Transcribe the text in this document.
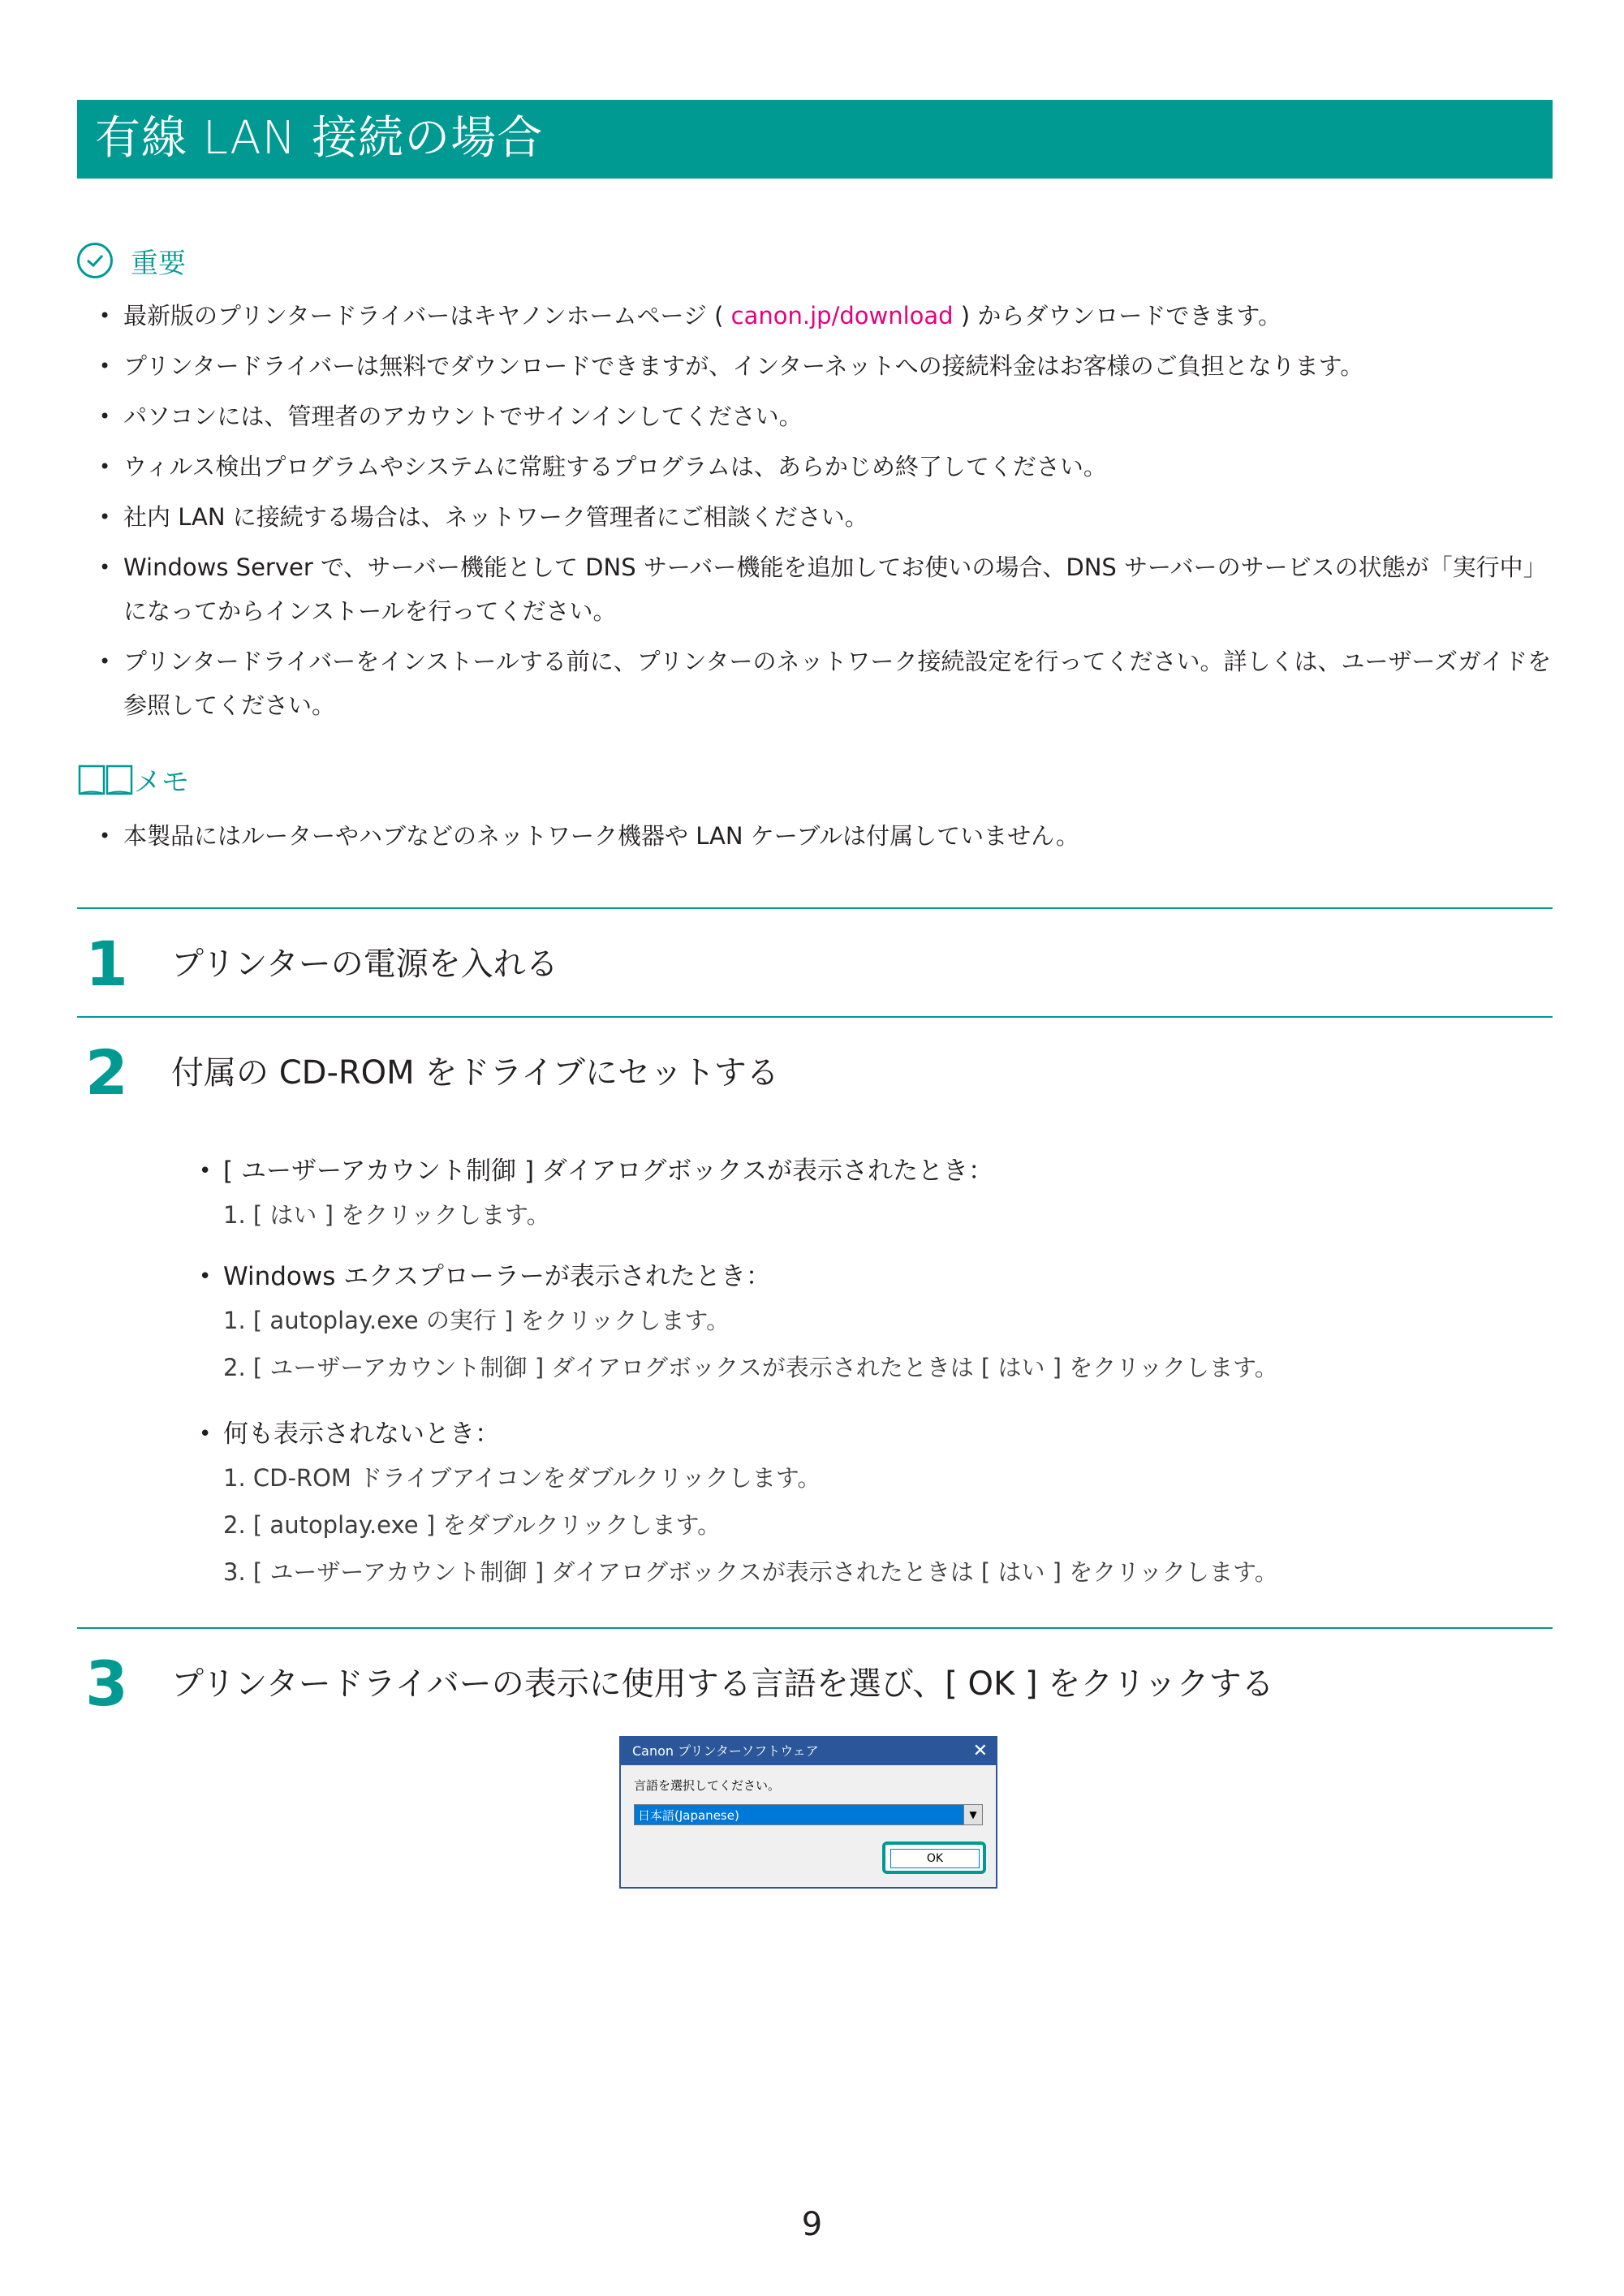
有線 LAN 接続の場合
重要
• 最新版のプリンタードライバーはキヤノンホームページ ( canon.jp/download ) からダウンロードできます。
• プリンタードライバーは無料でダウンロードできますが、インターネットへの接続料金はお客様のご負担となります。
• パソコンには、管理者のアカウントでサインインしてください。
• ウィルス検出プログラムやシステムに常駐するプログラムは、あらかじめ終了してください。
• 社内 LAN に接続する場合は、ネットワーク管理者にご相談ください。
• Windows Server で、サーバー機能として DNS サーバー機能を追加してお使いの場合、DNS サーバーのサービスの状態が「実行中」になってからインストールを行ってください。
• プリンタードライバーをインストールする前に、プリンターのネットワーク接続設定を行ってください。詳しくは、ユーザーズガイドを参照してください。
メモ
• 本製品にはルーターやハブなどのネットワーク機器や LAN ケーブルは付属していません。
1 プリンターの電源を入れる
2 付属の CD-ROM をドライブにセットする
• [ ユーザーアカウント制御 ] ダイアログボックスが表示されたとき：
1. [ はい ] をクリックします。
• Windows エクスプローラーが表示されたとき：
1. [ autoplay.exe の実行 ] をクリックします。
2. [ ユーザーアカウント制御 ] ダイアログボックスが表示されたときは [ はい ] をクリックします。
• 何も表示されないとき：
1. CD-ROM ドライブアイコンをダブルクリックします。
2. [ autoplay.exe ] をダブルクリックします。
3. [ ユーザーアカウント制御 ] ダイアログボックスが表示されたときは [ はい ] をクリックします。
3 プリンタードライバーの表示に使用する言語を選び、[ OK ] をクリックする
Canon プリンターソフトウェア	✕
言語を選択してください。
日本語(Japanese)	▼
OK
9
